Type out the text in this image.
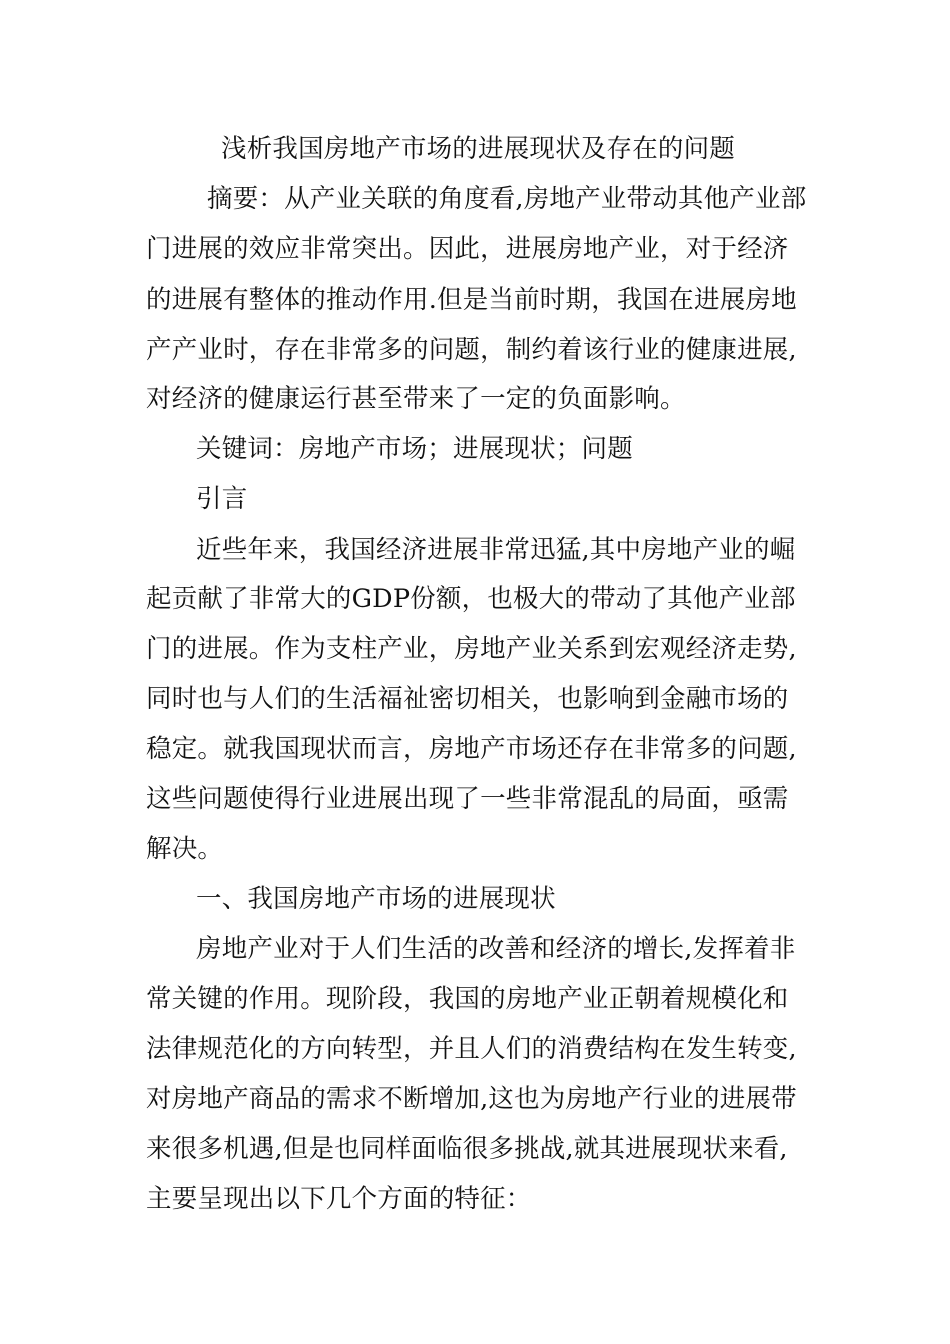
浅析我国房地产市场的进展现状及存在的问题
摘要：从产业关联的角度看,房地产业带动其他产业部
门进展的效应非常突出。因此，进展房地产业，对于经济
的进展有整体的推动作用.但是当前时期，我国在进展房地
产产业时，存在非常多的问题，制约着该行业的健康进展,
对经济的健康运行甚至带来了一定的负面影响。
关键词：房地产市场；进展现状；问题
引言
近些年来，我国经济进展非常迅猛,其中房地产业的崛
起贡献了非常大的GDP份额，也极大的带动了其他产业部
门的进展。作为支柱产业，房地产业关系到宏观经济走势,
同时也与人们的生活福祉密切相关，也影响到金融市场的
稳定。就我国现状而言，房地产市场还存在非常多的问题,
这些问题使得行业进展出现了一些非常混乱的局面，亟需
解决。
一、我国房地产市场的进展现状
房地产业对于人们生活的改善和经济的增长,发挥着非
常关键的作用。现阶段，我国的房地产业正朝着规模化和
法律规范化的方向转型，并且人们的消费结构在发生转变,
对房地产商品的需求不断增加,这也为房地产行业的进展带
来很多机遇,但是也同样面临很多挑战,就其进展现状来看,
主要呈现出以下几个方面的特征：
